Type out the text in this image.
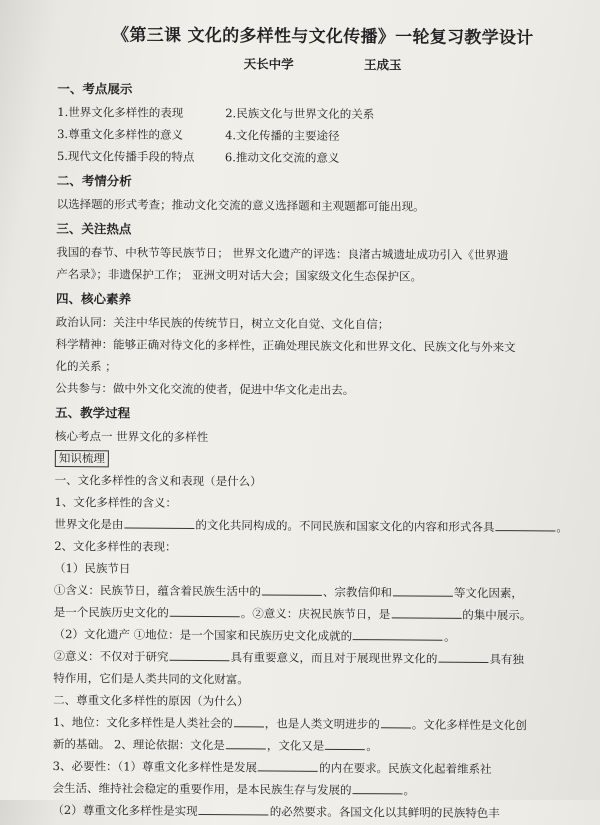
《第三课 文化的多样性与文化传播》一轮复习教学设计
天长中学	王成玉
一、考点展示
1.世界文化多样性的表现	2.民族文化与世界文化的关系
3.尊重文化多样性的意义	4.文化传播的主要途径
5.现代文化传播手段的特点	6.推动文化交流的意义
二、考情分析

以选择题的形式考查；推动文化交流的意义选择题和主观题都可能出现。

三、关注热点

我国的春节、中秋节等民族节日； 世界文化遗产的评选：良渚古城遗址成功引入《世界遗

产名录》；非遗保护工作； 亚洲文明对话大会；国家级文化生态保护区。

四、核心素养

政治认同：关注中华民族的传统节日，树立文化自觉、文化自信；

科学精神：能够正确对待文化的多样性，正确处理民族文化和世界文化、民族文化与外来文

化的关系 ；

公共参与：做中外文化交流的使者，促进中华文化走出去。

五、教学过程

核心考点一 世界文化的多样性

知识梳理

一、文化多样性的含义和表现（是什么）

1、文化多样性的含义：

世界文化是由	的文化共同构成的。不同民族和国家文化的内容和形式各具	。

2、文化多样性的表现：

（1）民族节日

①含义：民族节日，蕴含着民族生活中的	、宗教信仰和	等文化因素，

是一个民族历史文化的	。②意义：庆祝民族节日，是	的集中展示。

（2）文化遗产 ①地位：是一个国家和民族历史文化成就的	。

②意义：不仅对于研究	具有重要意义，而且对于展现世界文化的	具有独

特作用，它们是人类共同的文化财富。

二、尊重文化多样性的原因（为什么）

1、地位：文化多样性是人类社会的	，也是人类文明进步的	。文化多样性是文化创

新的基础。 2、理论依据：文化是	，文化又是	。

3、必要性：（1）尊重文化多样性是发展	的内在要求。民族文化起着维系社

会生活、维持社会稳定的重要作用，是本民族生存与发展的	。

（2）尊重文化多样性是实现	的必然要求。各国文化以其鲜明的民族特色丰
